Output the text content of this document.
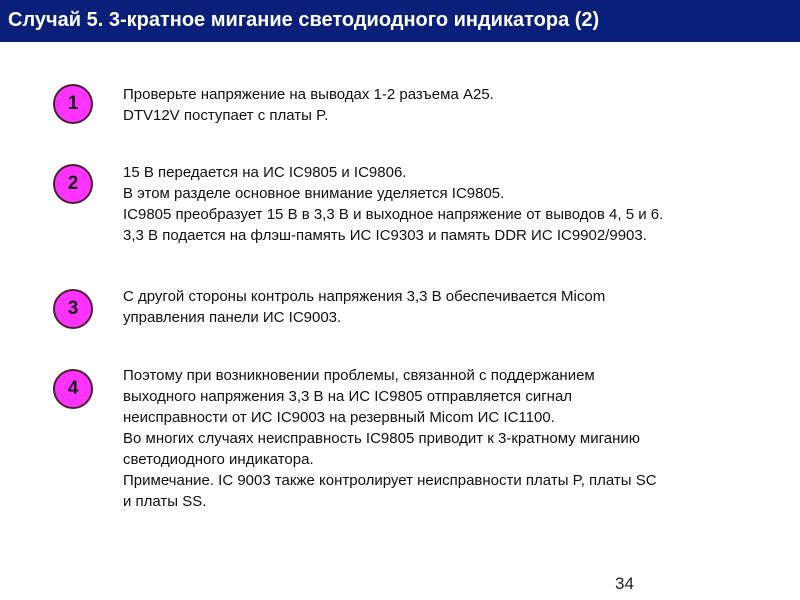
Случай 5. 3-кратное мигание светодиодного индикатора (2)
1	Проверьте напряжение на выводах 1-2 разъема A25.
DTV12V поступает с платы P.
2
15 В передается на ИС IC9805 и IC9806.
В этом разделе основное внимание уделяется IC9805.
IC9805 преобразует 15 В в 3,3 В и выходное напряжение от выводов 4, 5 и 6.
3,3 В подается на флэш-память ИС IC9303 и память DDR ИС IC9902/9903.
3
С другой стороны контроль напряжения 3,3 В обеспечивается Micom
управления панели ИС IC9003.
4
Поэтому при возникновении проблемы, связанной с поддержанием
выходного напряжения 3,3 В на ИС IC9805 отправляется сигнал
неисправности от ИС IC9003 на резервный Micom ИС IC1100.
Во многих случаях неисправность IC9805 приводит к 3-кратному миганию
светодиодного индикатора.
Примечание. IC 9003 также контролирует неисправности платы P, платы SC
и платы SS.
34
